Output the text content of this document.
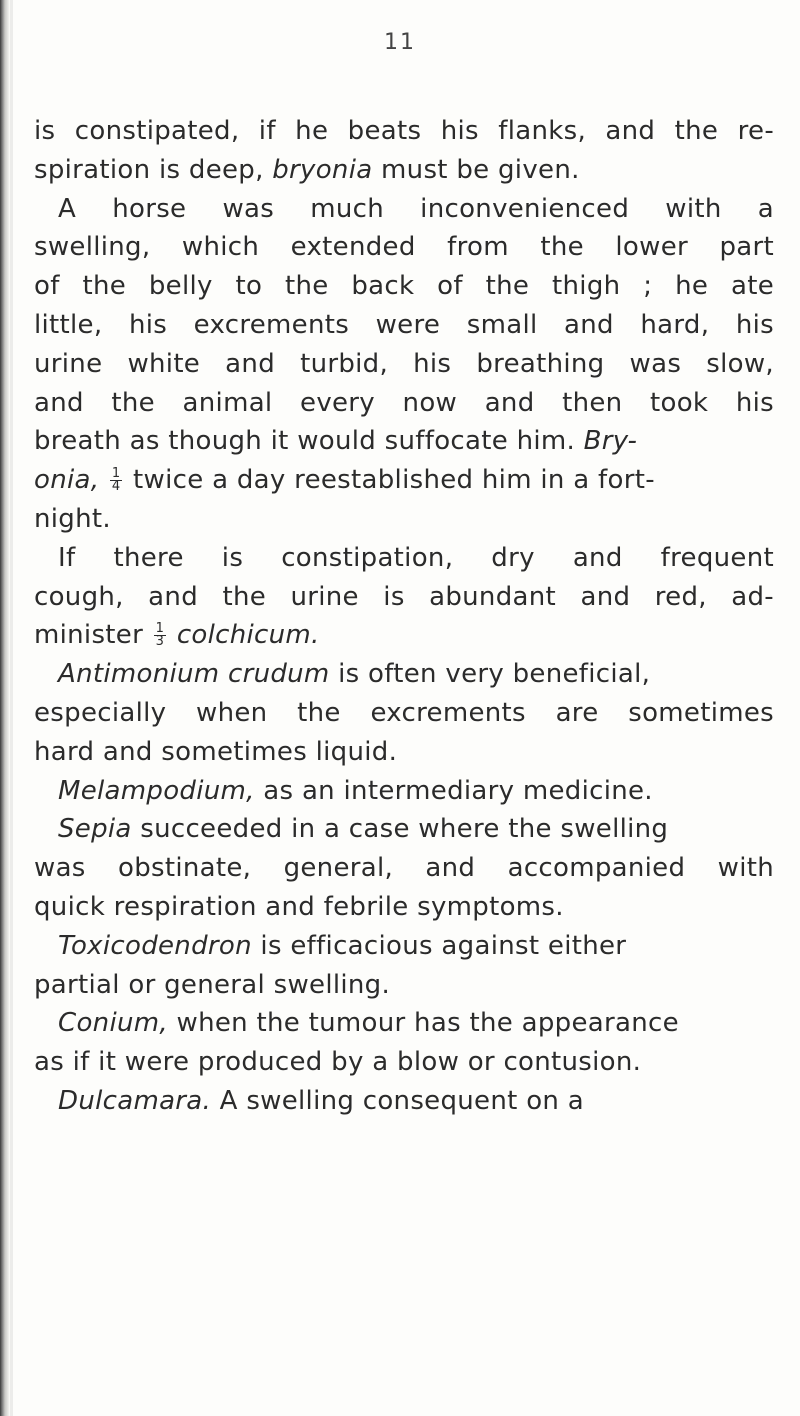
11
is constipated, if he beats his flanks, and the re-
spiration is deep, bryonia must be given.
A horse was much inconvenienced with a
swelling, which extended from the lower part
of the belly to the back of the thigh ; he ate
little, his excrements were small and hard, his
urine white and turbid, his breathing was slow,
and the animal every now and then took his
breath as though it would suffocate him. Bry-
onia, $\frac{1}{4}$ twice a day reestablished him in a fort-
night.
If there is constipation, dry and frequent
cough, and the urine is abundant and red, ad-
minister $\frac{1}{3}$ colchicum.
Antimonium crudum is often very beneficial,
especially when the excrements are sometimes
hard and sometimes liquid.
Melampodium, as an intermediary medicine.
Sepia succeeded in a case where the swelling
was obstinate, general, and accompanied with
quick respiration and febrile symptoms.
Toxicodendron is efficacious against either
partial or general swelling.
Conium, when the tumour has the appearance
as if it were produced by a blow or contusion.
Dulcamara. A swelling consequent on a
